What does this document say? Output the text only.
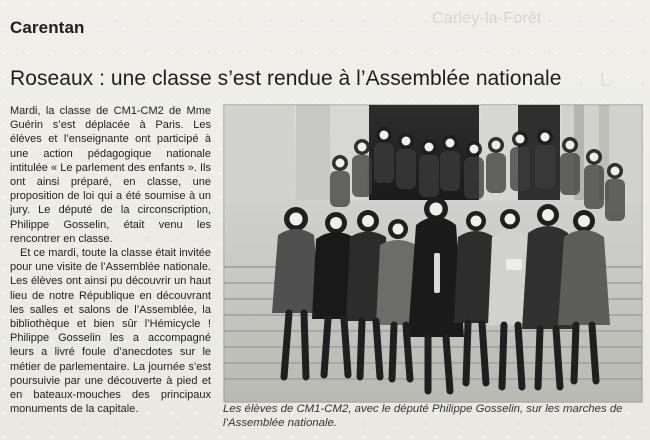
Carley-la-Forêt
L
Carentan
Roseaux : une classe s’est rendue à l’Assemblée nationale

Mardi, la classe de CM1-CM2 de Mme Guérin s’est déplacée à Paris. Les élèves et l’enseignante ont participé à une action pédagogique nationale intitulée « Le parlement des enfants ». Ils ont ainsi préparé, en classe, une proposition de loi qui a été soumise à un jury. Le député de la circonscription, Philippe Gosselin, était venu les rencontrer en classe.

Et ce mardi, toute la classe était invitée pour une visite de l’Assemblée nationale. Les élèves ont ainsi pu découvrir un haut lieu de notre République en découvrant les salles et salons de l’Assemblée, la bibliothèque et bien sûr l’Hémicycle ! Philippe Gosselin les a accompagné leurs a livré foule d’anecdotes sur le métier de parlementaire. La journée s’est poursuivie par une découverte à pied et en bateaux-mouches des principaux monuments de la capitale.	Les élèves de CM1-CM2, avec le député Philippe Gosselin, sur les marches de l’Assemblée nationale.
